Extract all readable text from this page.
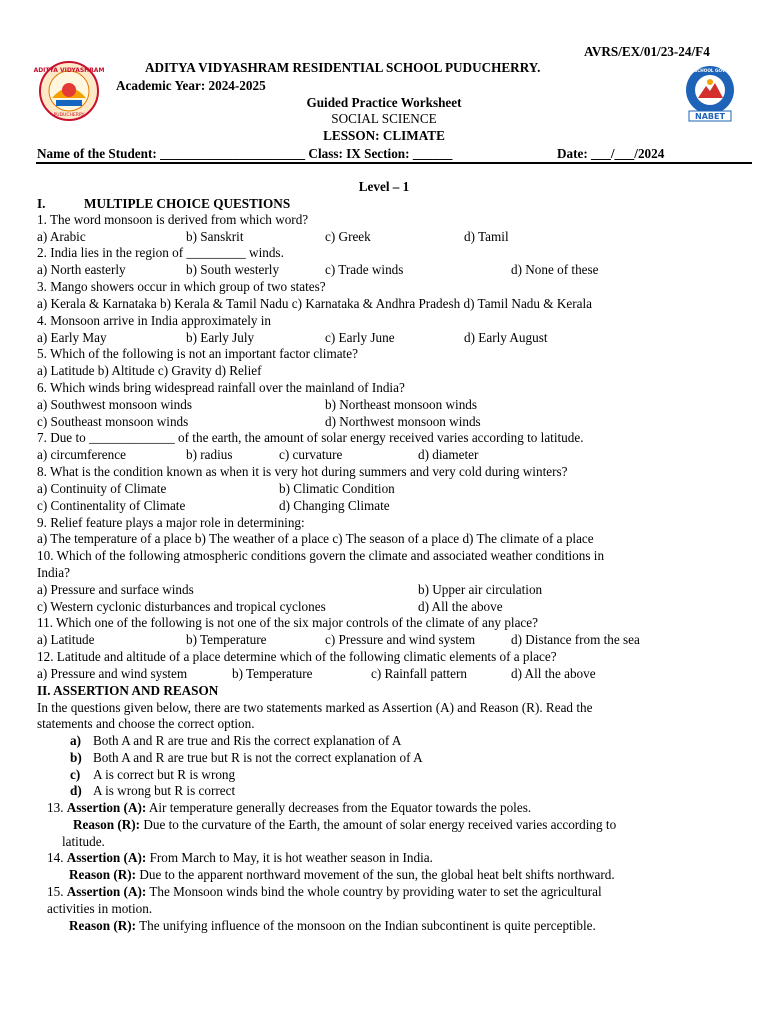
ADITYA VIDYASHRAM
PUDUCHERRY
QUALITY SCHOOL GOVERNANCE
NABET
AVRS/EX/01/23-24/F4
ADITYA VIDYASHRAM RESIDENTIAL SCHOOL PUDUCHERRY.
Academic Year: 2024-2025
Guided Practice Worksheet
SOCIAL SCIENCE
LESSON: CLIMATE
Name of the Student: ______________________ Class: IX Section: ______	Date: ___/___/2024
Level – 1
I.	MULTIPLE CHOICE QUESTIONS
1. The word monsoon is derived from which word?
a) Arabic	b) Sanskrit	c) Greek	d) Tamil
2. India lies in the region of _________ winds.
a) North easterly	b) South westerly	c) Trade winds	d) None of these
3. Mango showers occur in which group of two states?
a) Kerala & Karnataka b) Kerala & Tamil Nadu c) Karnataka & Andhra Pradesh d) Tamil Nadu & Kerala
4. Monsoon arrive in India approximately in
a) Early May	b) Early July	c) Early June	d) Early August
5. Which of the following is not an important factor climate?
a) Latitude b) Altitude c) Gravity d) Relief
6. Which winds bring widespread rainfall over the mainland of India?
a) Southwest monsoon winds	b) Northeast monsoon winds
c) Southeast monsoon winds	d) Northwest monsoon winds
7. Due to _____________ of the earth, the amount of solar energy received varies according to latitude.
a) circumference	b) radius	c) curvature	d) diameter
8. What is the condition known as when it is very hot during summers and very cold during winters?
a) Continuity of Climate	b) Climatic Condition
c) Continentality of Climate	d) Changing Climate
9. Relief feature plays a major role in determining:
a) The temperature of a place b) The weather of a place c) The season of a place d) The climate of a place
10. Which of the following atmospheric conditions govern the climate and associated weather conditions in
India?
a) Pressure and surface winds	b) Upper air circulation
c) Western cyclonic disturbances and tropical cyclones	d) All the above
11. Which one of the following is not one of the six major controls of the climate of any place?
a) Latitude	b) Temperature	c) Pressure and wind system	d) Distance from the sea
12. Latitude and altitude of a place determine which of the following climatic elements of a place?
a) Pressure and wind system	b) Temperature	c) Rainfall pattern	d) All the above
II. ASSERTION AND REASON
In the questions given below, there are two statements marked as Assertion (A) and Reason (R). Read the
statements and choose the correct option.
a) Both A and R are true and Ris the correct explanation of A
b) Both A and R are true but R is not the correct explanation of A
c) A is correct but R is wrong
d) A is wrong but R is correct
13. Assertion (A): Air temperature generally decreases from the Equator towards the poles.
Reason (R): Due to the curvature of the Earth, the amount of solar energy received varies according to
latitude.
14. Assertion (A): From March to May, it is hot weather season in India.
Reason (R): Due to the apparent northward movement of the sun, the global heat belt shifts northward.
15. Assertion (A): The Monsoon winds bind the whole country by providing water to set the agricultural
activities in motion.
Reason (R): The unifying influence of the monsoon on the Indian subcontinent is quite perceptible.
